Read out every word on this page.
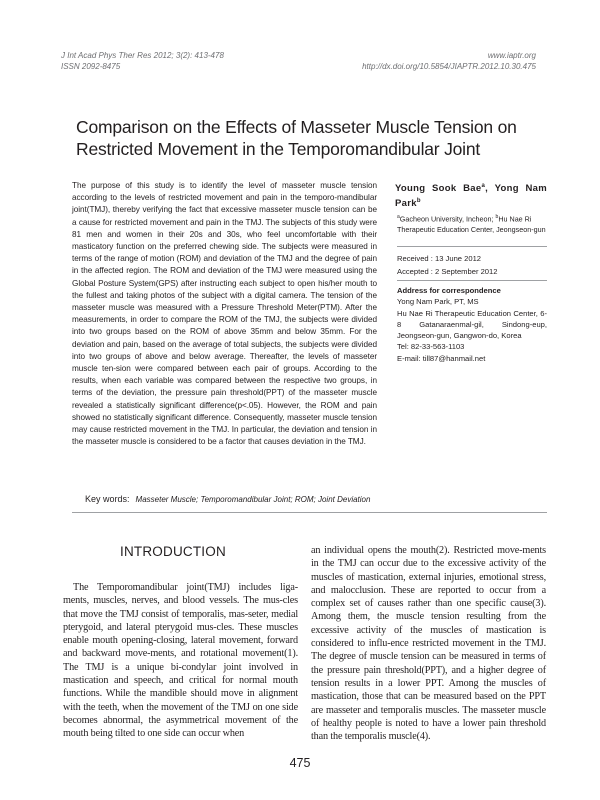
J Int Acad Phys Ther Res 2012; 3(2): 413-478
ISSN 2092-8475
www.iaptr.org
http://dx.doi.org/10.5854/JIAPTR.2012.10.30.475
Comparison on the Effects of Masseter Muscle Tension on
Restricted Movement in the Temporomandibular Joint
The purpose of this study is to identify the level of masseter muscle tension according to the levels of restricted movement and pain in the temporo-mandibular joint(TMJ), thereby verifying the fact that excessive masseter muscle tension can be a cause for restricted movement and pain in the TMJ. The subjects of this study were 81 men and women in their 20s and 30s, who feel uncomfortable with their masticatory function on the preferred chewing side. The subjects were measured in terms of the range of motion (ROM) and deviation of the TMJ and the degree of pain in the affected region. The ROM and deviation of the TMJ were measured using the Global Posture System(GPS) after instructing each subject to open his/her mouth to the fullest and taking photos of the subject with a digital camera. The tension of the masseter muscle was measured with a Pressure Threshold Meter(PTM). After the measurements, in order to compare the ROM of the TMJ, the subjects were divided into two groups based on the ROM of above 35mm and below 35mm. For the deviation and pain, based on the average of total subjects, the subjects were divided into two groups of above and below average. Thereafter, the levels of masseter muscle ten-sion were compared between each pair of groups. According to the results, when each variable was compared between the respective two groups, in terms of the deviation, the pressure pain threshold(PPT) of the masseter muscle revealed a statistically significant difference(p<.05). However, the ROM and pain showed no statistically significant difference. Consequently, masseter muscle tension may cause restricted movement in the TMJ. In particular, the deviation and tension in the masseter muscle is considered to be a factor that causes deviation in the TMJ.
Young Sook Bae$^a$, Yong Nam
Park$^b$
$^a$Gacheon University, Incheon; $^b$Hu Nae Ri Therapeutic Education Center, Jeongseon-gun
Received : 13 June 2012
Accepted : 2 September 2012
Address for correspondence
Yong Nam Park, PT, MS
Hu Nae Ri Therapeutic Education Center, 6-8 Gatanaraenmal-gil, Sindong-eup, Jeongseon-gun, Gangwon-do, Korea
Tel: 82-33-563-1103
E-mail: till87@hanmail.net
Key words: Masseter Muscle; Temporomandibular Joint; ROM; Joint Deviation
INTRODUCTION
The Temporomandibular joint(TMJ) includes liga-ments, muscles, nerves, and blood vessels. The mus-cles that move the TMJ consist of temporalis, mas-seter, medial pterygoid, and lateral pterygoid mus-cles. These muscles enable mouth opening-closing, lateral movement, forward and backward move-ments, and rotational movement(1). The TMJ is a unique bi-condylar joint involved in mastication and speech, and critical for normal mouth functions. While the mandible should move in alignment with the teeth, when the movement of the TMJ on one side becomes abnormal, the asymmetrical movement of the mouth being tilted to one side can occur when
an individual opens the mouth(2). Restricted move-ments in the TMJ can occur due to the excessive activity of the muscles of mastication, external injuries, emotional stress, and malocclusion. These are reported to occur from a complex set of causes rather than one specific cause(3). Among them, the muscle tension resulting from the excessive activity of the muscles of mastication is considered to influ-ence restricted movement in the TMJ. The degree of muscle tension can be measured in terms of the pressure pain threshold(PPT), and a higher degree of tension results in a lower PPT. Among the muscles of mastication, those that can be measured based on the PPT are masseter and temporalis muscles. The masseter muscle of healthy people is noted to have a lower pain threshold than the temporalis muscle(4).
475
